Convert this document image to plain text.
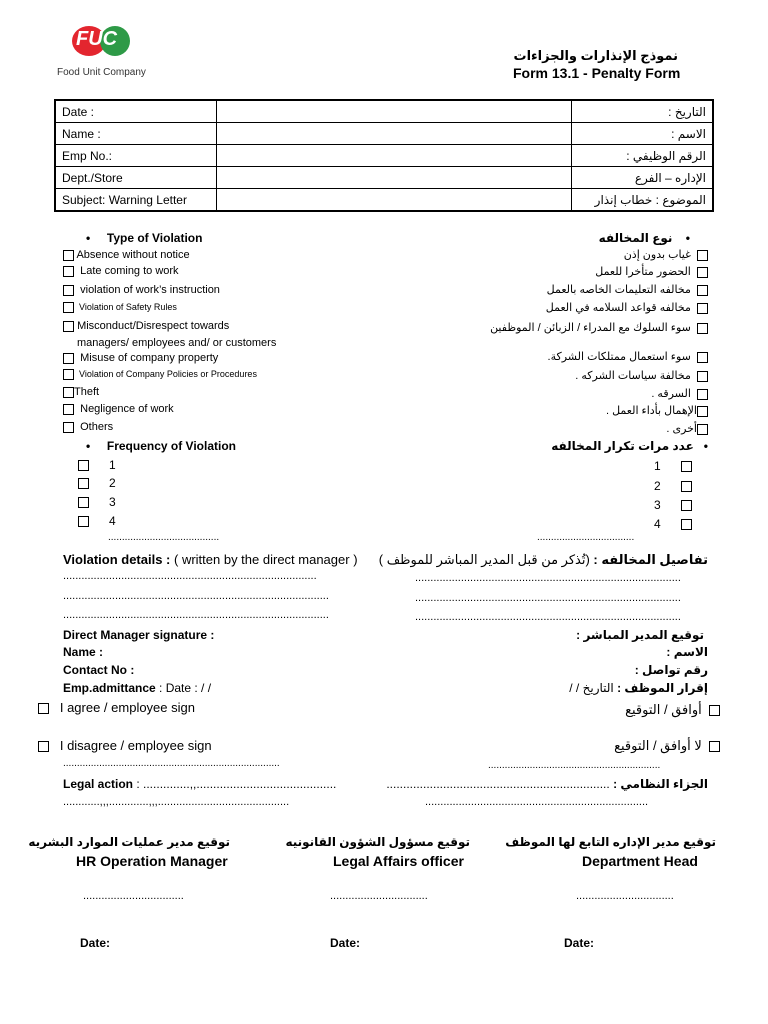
FUC
Food Unit Company
نموذج الإنذارات والجزاءات
Form 13.1 - Penalty Form
Date :		التاريخ :
Name :		الاسم :
Emp No.:		الرقم الوظيفي :
Dept./Store		الإداره – الفرع
Subject: Warning Letter		الموضوع : خطاب إنذار
• Type of Violation	•    نوع المخالفه
Absence without notice
Late coming to work
violation of work’s instruction
Violation of Safety Rules
Misconduct/Disrespect towards
managers/ employees and/ or customers
Misuse of company property
Violation of Company Policies or Procedures
Theft
Negligence of work
Others
غياب بدون إذن
الحضور متأخرا للعمل
مخالفه التعليمات الخاصه بالعمل
مخالفه قواعد السلامه في العمل
سوء السلوك مع المدراء / الزبائن / الموظفين
سوء استعمال ممتلكات الشركة.
مخالفة سياسات الشركه .
السرقه .
الإهمال بأداء العمل .
أخرى .
• Frequency of Violation	•   عدد مرات تكرار المخالفه
1
2
3
4
........................................
1
2
3
4
...................................
Violation details : ( written by the direct manager )	تفاصيل المخالفه : (تُذكر من قبل المدير المباشر للموظف )
...................................................................................
.......................................................................................
.......................................................................................
.......................................................................................
.......................................................................................
.......................................................................................
Direct Manager signature :
Name :
Contact No :
توقيع المدير المباشر :
الاسم :
رقم تواصل :
Emp.admittance : Date : / /	إقرار الموظف : التاريخ / /
I agree / employee sign	أوافق / التوقيع
I disagree / employee sign	لا أوافق / التوقيع
..............................................................................	..............................................................
Legal action : ..............,,..........................................
............,,,.............,,,...........................................
الجزاء النظامي : ...................................................................
.........................................................................
توقيع مدير عمليات الموارد البشريه
HR Operation Manager
.................................
Date:
توقيع مسؤول الشؤون القانونيه
Legal Affairs officer
................................
Date:
توقيع مدير الإداره التابع لها الموظف
Department Head
................................
Date:
